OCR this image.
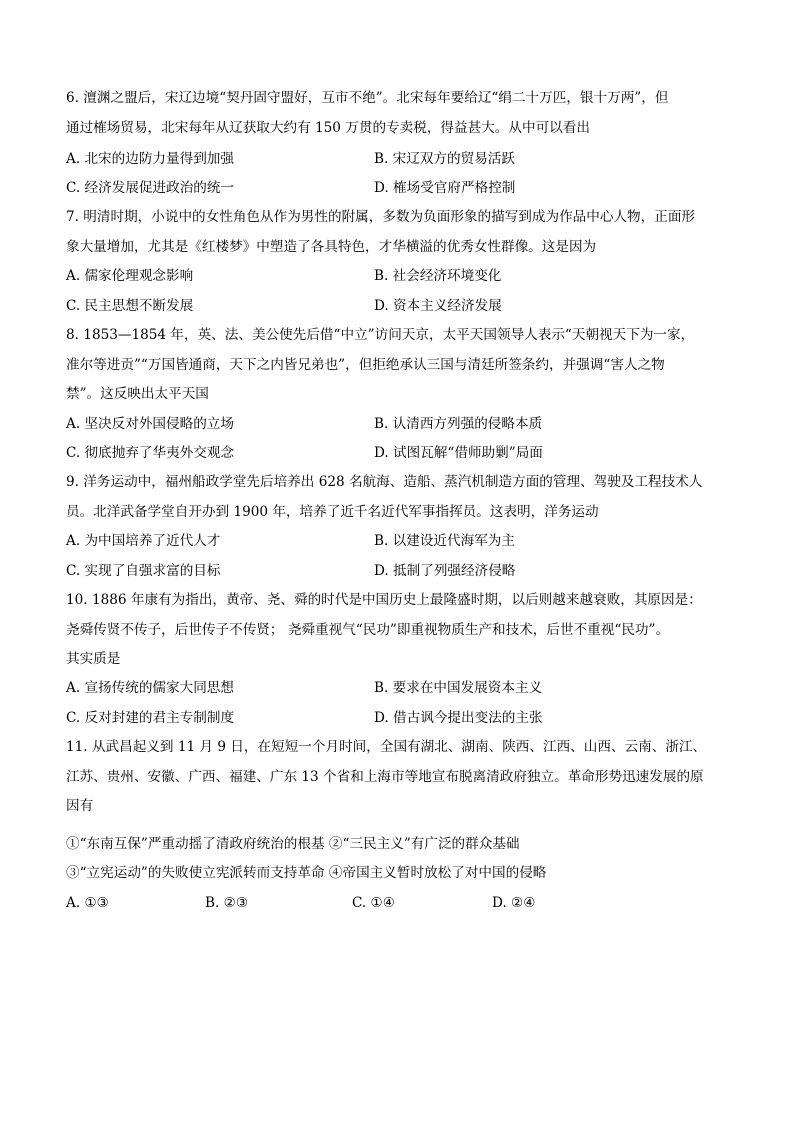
6. 澶渊之盟后，宋辽边境“契丹固守盟好，互市不绝”。北宋每年要给辽“绢二十万匹，银十万两”，但
通过榷场贸易，北宋每年从辽获取大约有 150 万贯的专卖税，得益甚大。从中可以看出
A. 北宋的边防力量得到加强	B. 宋辽双方的贸易活跃
C. 经济发展促进政治的统一	D. 榷场受官府严格控制
7. 明清时期，小说中的女性角色从作为男性的附属，多数为负面形象的描写到成为作品中心人物，正面形
象大量增加，尤其是《红楼梦》中塑造了各具特色，才华横溢的优秀女性群像。这是因为
A. 儒家伦理观念影响	B. 社会经济环境变化
C. 民主思想不断发展	D. 资本主义经济发展
8. 1853—1854 年，英、法、美公使先后借“中立”访问天京，太平天国领导人表示“天朝视天下为一家，
准尔等进贡”“万国皆通商，天下之内皆兄弟也”，但拒绝承认三国与清廷所签条约，并强调“害人之物
禁”。这反映出太平天国
A. 坚决反对外国侵略的立场	B. 认清西方列强的侵略本质
C. 彻底抛弃了华夷外交观念	D. 试图瓦解“借师助剿”局面
9. 洋务运动中，福州船政学堂先后培养出 628 名航海、造船、蒸汽机制造方面的管理、驾驶及工程技术人
员。北洋武备学堂自开办到 1900 年，培养了近千名近代军事指挥员。这表明，洋务运动
A. 为中国培养了近代人才	B. 以建设近代海军为主
C. 实现了自强求富的目标	D. 抵制了列强经济侵略
10. 1886 年康有为指出，黄帝、尧、舜的时代是中国历史上最隆盛时期，以后则越来越衰败，其原因是：
尧舜传贤不传子，后世传子不传贤； 尧舜重视气“民功”即重视物质生产和技术，后世不重视“民功”。
其实质是
A. 宣扬传统的儒家大同思想	B. 要求在中国发展资本主义
C. 反对封建的君主专制制度	D. 借古讽今提出变法的主张
11. 从武昌起义到 11 月 9 日，在短短一个月时间，全国有湖北、湖南、陕西、江西、山西、云南、浙江、
江苏、贵州、安徽、广西、福建、广东 13 个省和上海市等地宣布脱离清政府独立。革命形势迅速发展的原
因有
①“东南互保”严重动摇了清政府统治的根基 ②“三民主义”有广泛的群众基础
③“立宪运动”的失败使立宪派转而支持革命 ④帝国主义暂时放松了对中国的侵略
A. ①③	B. ②③	C. ①④	D. ②④
